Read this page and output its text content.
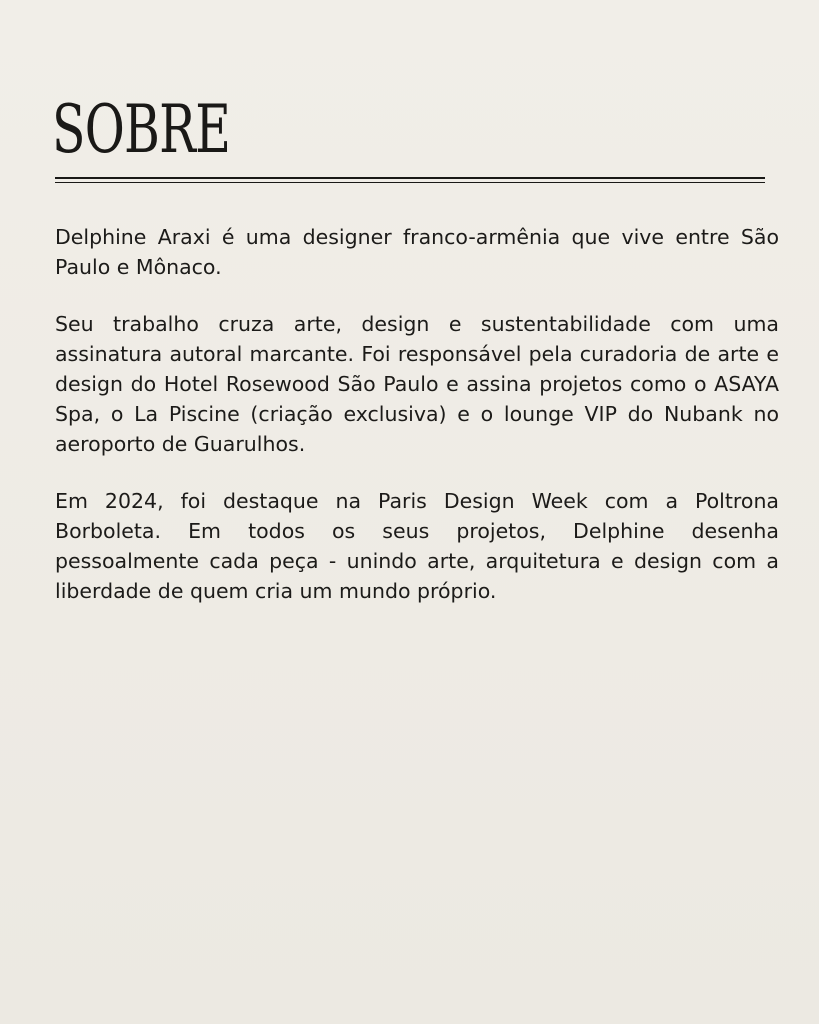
SOBRE

Delphine Araxi é uma designer franco-armênia que vive entre São Paulo e Mônaco.

Seu trabalho cruza arte, design e sustentabilidade com uma assinatura autoral marcante. Foi responsável pela curadoria de arte e design do Hotel Rosewood São Paulo e assina projetos como o ASAYA Spa, o La Piscine (criação exclusiva) e o lounge VIP do Nubank no aeroporto de Guarulhos.

Em 2024, foi destaque na Paris Design Week com a Poltrona Borboleta. Em todos os seus projetos, Delphine desenha pessoalmente cada peça - unindo arte, arquitetura e design com a liberdade de quem cria um mundo próprio.
